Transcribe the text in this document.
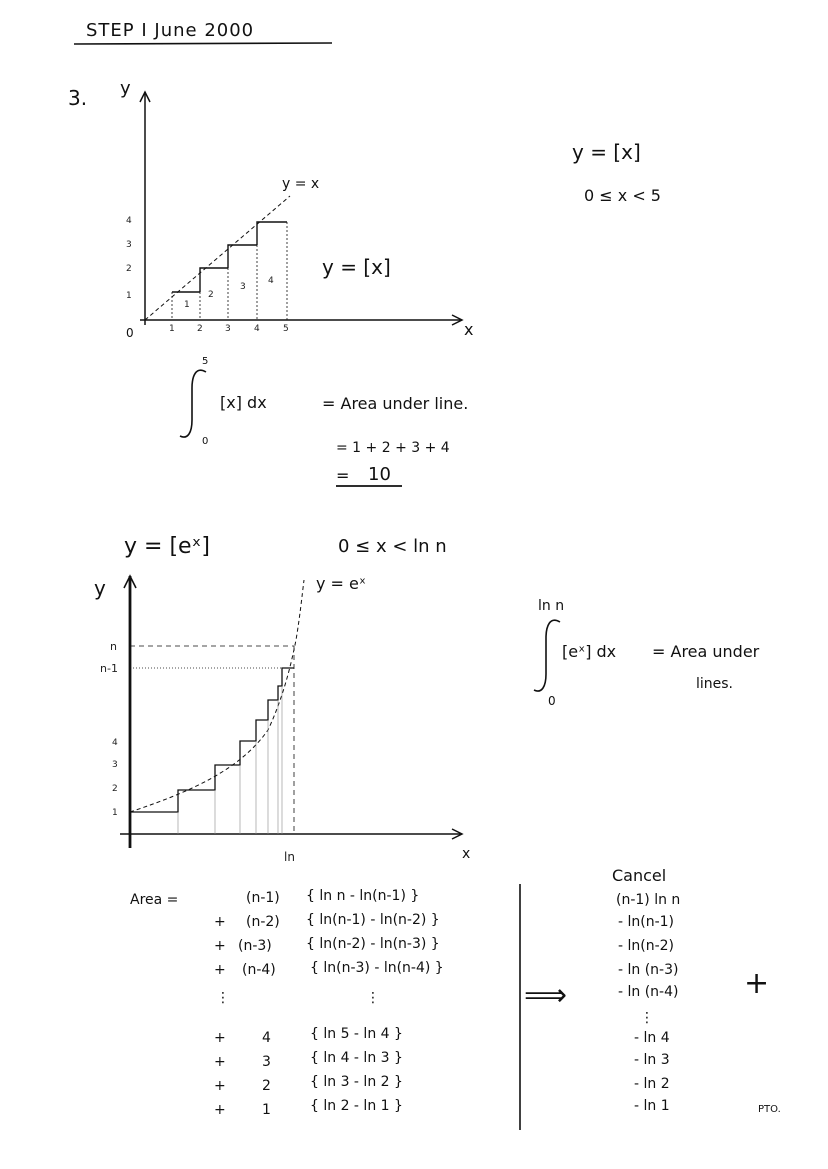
STEP I June 2000
3. y
x
0
y = x
y = [x]
1 2 3	4	5
1
2
3
4
1
2
3
4
y = [x]
0 ≤ x < 5
5
0
[x] dx	= Area under line.
= 1 + 2 + 3 + 4
= 10
y = [eˣ]	0 ≤ x < ln n
y
x
y = eˣ
n
n-1
4
3
2
1
ln
ln n
0
[eˣ] dx = Area under
lines.
Area =	(n-1) { ln n - ln(n-1) }
+ (n-2) { ln(n-1) - ln(n-2) }
+ (n-3) { ln(n-2) - ln(n-3) }
+ (n-4) { ln(n-3) - ln(n-4) }
⋮	⋮
+	4	{ ln 5 - ln 4 }
+	3	{ ln 4 - ln 3 }
+	2	{ ln 3 - ln 2 }
+	1	{ ln 2 - ln 1 }
⟹
Cancel
(n-1) ln n
- ln(n-1)
- ln(n-2)
- ln (n-3)
- ln (n-4)
⋮
- ln 4
- ln 3
- ln 2
- ln 1
+
PTO.
